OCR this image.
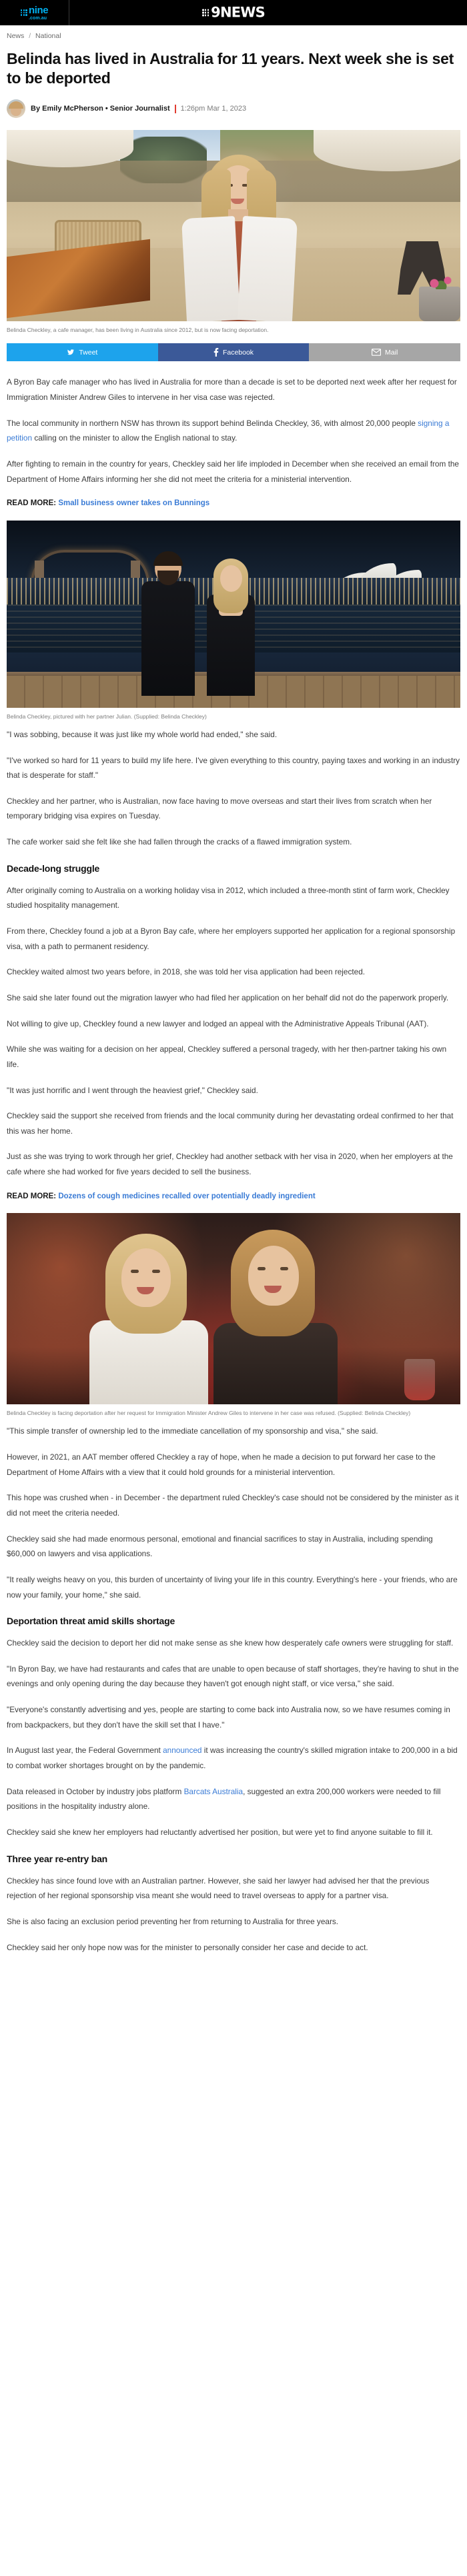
nine
.com.au	9NEWS
News / National
Belinda has lived in Australia for 11 years. Next week she is set to be deported
By Emily McPherson • Senior Journalist 1:26pm Mar 1, 2023
Belinda Checkley, a cafe manager, has been living in Australia since 2012, but is now facing deportation.
Tweet	Facebook	Mail

A Byron Bay cafe manager who has lived in Australia for more than a decade is set to be deported next week after her request for Immigration Minister Andrew Giles to intervene in her visa case was rejected.

The local community in northern NSW has thrown its support behind Belinda Checkley, 36, with almost 20,000 people signing a petition calling on the minister to allow the English national to stay.

After fighting to remain in the country for years, Checkley said her life imploded in December when she received an email from the Department of Home Affairs informing her she did not meet the criteria for a ministerial intervention.

READ MORE: Small business owner takes on Bunnings

Belinda Checkley, pictured with her partner Julian. (Supplied: Belinda Checkley)

"I was sobbing, because it was just like my whole world had ended," she said.

"I've worked so hard for 11 years to build my life here. I've given everything to this country, paying taxes and working in an industry that is desperate for staff."

Checkley and her partner, who is Australian, now face having to move overseas and start their lives from scratch when her temporary bridging visa expires on Tuesday.

The cafe worker said she felt like she had fallen through the cracks of a flawed immigration system.

Decade-long struggle

After originally coming to Australia on a working holiday visa in 2012, which included a three-month stint of farm work, Checkley studied hospitality management.

From there, Checkley found a job at a Byron Bay cafe, where her employers supported her application for a regional sponsorship visa, with a path to permanent residency.

Checkley waited almost two years before, in 2018, she was told her visa application had been rejected.

She said she later found out the migration lawyer who had filed her application on her behalf did not do the paperwork properly.

Not willing to give up, Checkley found a new lawyer and lodged an appeal with the Administrative Appeals Tribunal (AAT).

While she was waiting for a decision on her appeal, Checkley suffered a personal tragedy, with her then-partner taking his own life.

"It was just horrific and I went through the heaviest grief," Checkley said.

Checkley said the support she received from friends and the local community during her devastating ordeal confirmed to her that this was her home.

Just as she was trying to work through her grief, Checkley had another setback with her visa in 2020, when her employers at the cafe where she had worked for five years decided to sell the business.

READ MORE: Dozens of cough medicines recalled over potentially deadly ingredient

Belinda Checkley is facing deportation after her request for Immigration Minister Andrew Giles to intervene in her case was refused. (Supplied: Belinda Checkley)

"This simple transfer of ownership led to the immediate cancellation of my sponsorship and visa," she said.

However, in 2021, an AAT member offered Checkley a ray of hope, when he made a decision to put forward her case to the Department of Home Affairs with a view that it could hold grounds for a ministerial intervention.

This hope was crushed when - in December - the department ruled Checkley's case should not be considered by the minister as it did not meet the criteria needed.

Checkley said she had made enormous personal, emotional and financial sacrifices to stay in Australia, including spending $60,000 on lawyers and visa applications.

"It really weighs heavy on you, this burden of uncertainty of living your life in this country. Everything's here - your friends, who are now your family, your home," she said.

Deportation threat amid skills shortage

Checkley said the decision to deport her did not make sense as she knew how desperately cafe owners were struggling for staff.

"In Byron Bay, we have had restaurants and cafes that are unable to open because of staff shortages, they're having to shut in the evenings and only opening during the day because they haven't got enough night staff, or vice versa," she said.

"Everyone's constantly advertising and yes, people are starting to come back into Australia now, so we have resumes coming in from backpackers, but they don't have the skill set that I have."

In August last year, the Federal Government announced it was increasing the country's skilled migration intake to 200,000 in a bid to combat worker shortages brought on by the pandemic.

Data released in October by industry jobs platform Barcats Australia, suggested an extra 200,000 workers were needed to fill positions in the hospitality industry alone.

Checkley said she knew her employers had reluctantly advertised her position, but were yet to find anyone suitable to fill it.

Three year re-entry ban

Checkley has since found love with an Australian partner. However, she said her lawyer had advised her that the previous rejection of her regional sponsorship visa meant she would need to travel overseas to apply for a partner visa.

She is also facing an exclusion period preventing her from returning to Australia for three years.

Checkley said her only hope now was for the minister to personally consider her case and decide to act.
